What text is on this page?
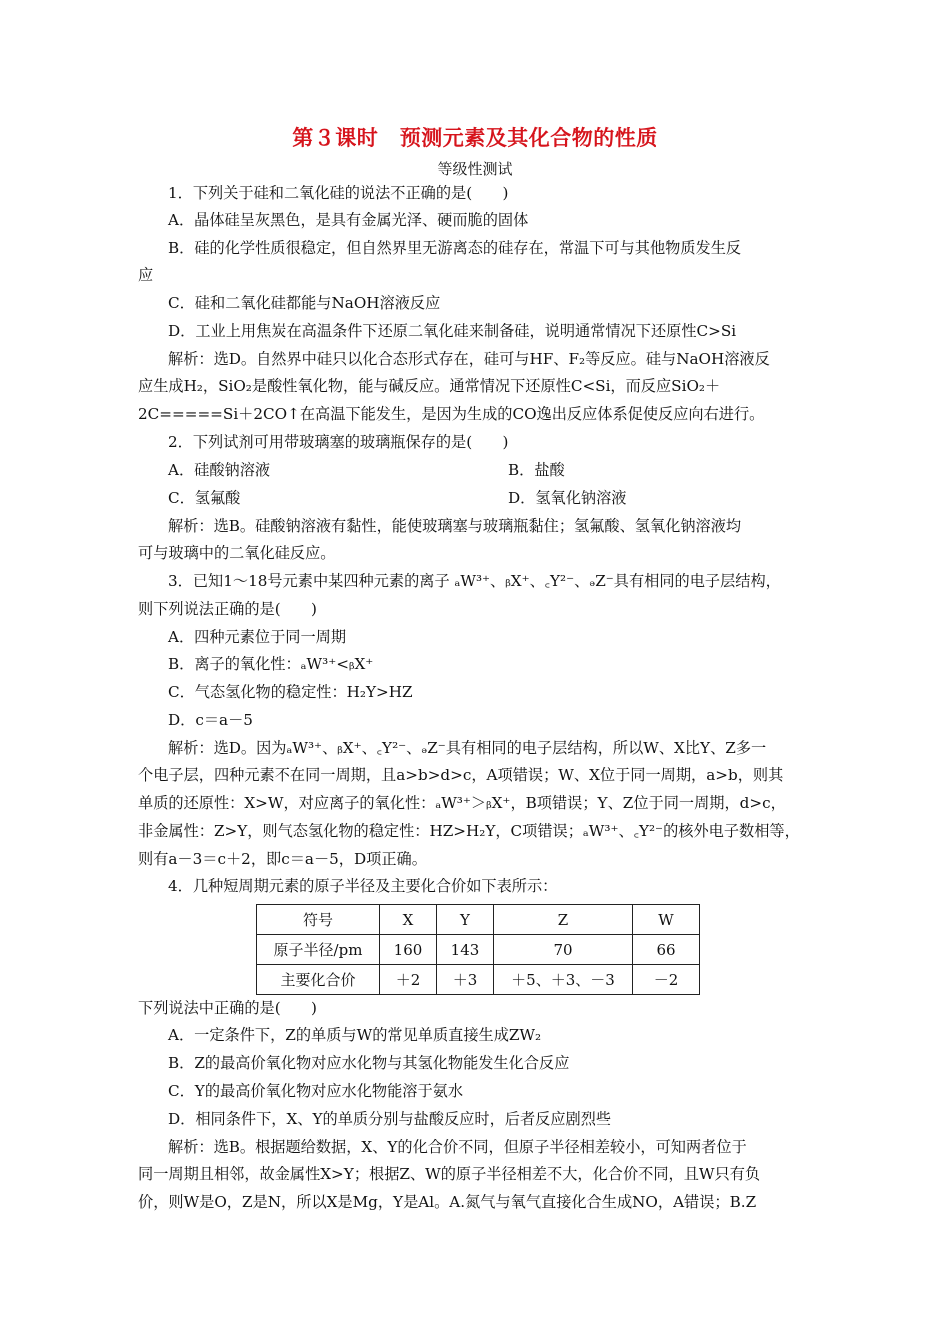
第３课时　预测元素及其化合物的性质
等级性测试
1．下列关于硅和二氧化硅的说法不正确的是(　　)
A．晶体硅呈灰黑色，是具有金属光泽、硬而脆的固体
B．硅的化学性质很稳定，但自然界里无游离态的硅存在，常温下可与其他物质发生反
应
C．硅和二氧化硅都能与NaOH溶液反应
D．工业上用焦炭在高温条件下还原二氧化硅来制备硅，说明通常情况下还原性C>Si
解析：选D。自然界中硅只以化合态形式存在，硅可与HF、F₂等反应。硅与NaOH溶液反
应生成H₂，SiO₂是酸性氧化物，能与碱反应。通常情况下还原性C<Si，而反应SiO₂＋
2C=====Si＋2CO↑在高温下能发生，是因为生成的CO逸出反应体系促使反应向右进行。
2．下列试剂可用带玻璃塞的玻璃瓶保存的是(　　)
A．硅酸钠溶液	B．盐酸
C．氢氟酸	D．氢氧化钠溶液
解析：选B。硅酸钠溶液有黏性，能使玻璃塞与玻璃瓶黏住；氢氟酸、氢氧化钠溶液均
可与玻璃中的二氧化硅反应。
3．已知1～18号元素中某四种元素的离子 ₐW³⁺、ᵦX⁺、꜀Y²⁻、ₔZ⁻具有相同的电子层结构，
则下列说法正确的是(　　)
A．四种元素位于同一周期
B．离子的氧化性：ₐW³⁺<ᵦX⁺
C．气态氢化物的稳定性：H₂Y>HZ
D．c＝a－5
解析：选D。因为ₐW³⁺、ᵦX⁺、꜀Y²⁻、ₔZ⁻具有相同的电子层结构，所以W、X比Y、Z多一
个电子层，四种元素不在同一周期，且a>b>d>c，A项错误；W、X位于同一周期，a>b，则其
单质的还原性：X>W，对应离子的氧化性：ₐW³⁺＞ᵦX⁺，B项错误；Y、Z位于同一周期，d>c，
非金属性：Z>Y，则气态氢化物的稳定性：HZ>H₂Y，C项错误；ₐW³⁺、꜀Y²⁻的核外电子数相等，
则有a－3＝c＋2，即c＝a－5，D项正确。
4．几种短周期元素的原子半径及主要化合价如下表所示：
符号	X	Y	Z	W
原子半径/pm	160	143	70	66
主要化合价	＋2	＋3	＋5、＋3、－3	－2
下列说法中正确的是(　　)
A．一定条件下，Z的单质与W的常见单质直接生成ZW₂
B．Z的最高价氧化物对应水化物与其氢化物能发生化合反应
C．Y的最高价氧化物对应水化物能溶于氨水
D．相同条件下，X、Y的单质分别与盐酸反应时，后者反应剧烈些
解析：选B。根据题给数据，X、Y的化合价不同，但原子半径相差较小，可知两者位于
同一周期且相邻，故金属性X>Y；根据Z、W的原子半径相差不大，化合价不同，且W只有负
价，则W是O，Z是N，所以X是Mg，Y是Al。A.氮气与氧气直接化合生成NO，A错误；B.Z
